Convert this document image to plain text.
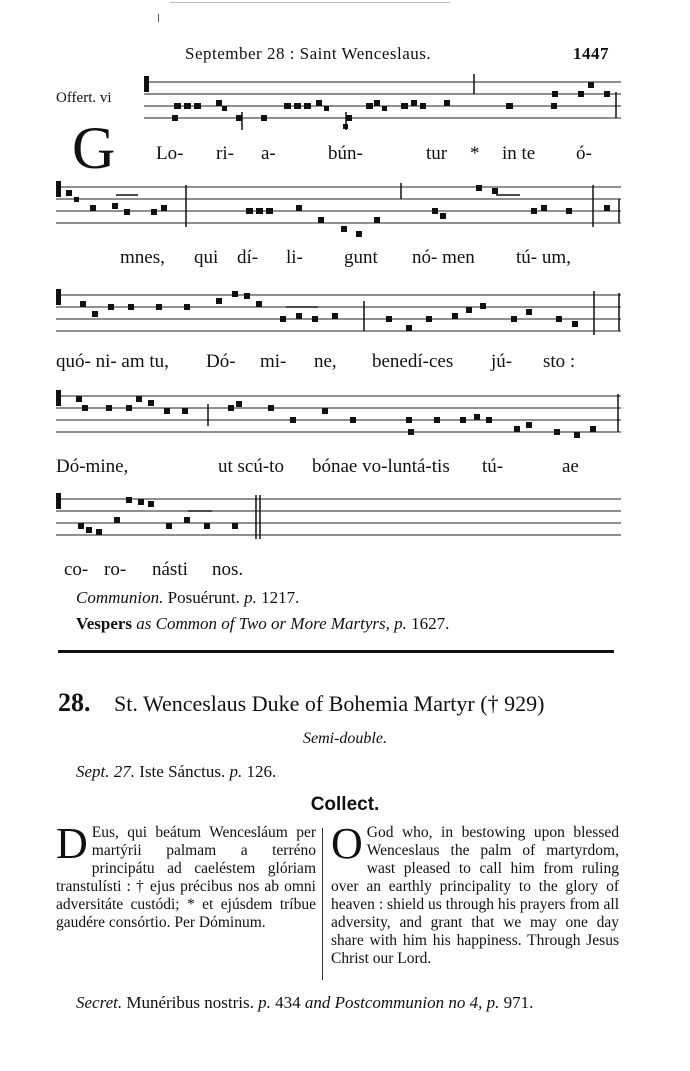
September 28 : Saint Wenceslaus.	1447
Offert. vi
G Lo- ri- a-	bún-	tur * in te ó-
mnes, qui dí- li- gunt nó- men tú- um,
quó- ni- am tu, Dó- mi- ne, benedí-ces jú- sto :
Dó-mine,	ut scú-to bónae vo-luntá-tis tú-	ae
co- ro- násti nos.
Communion. Posuérunt. p. 1217.
Vespers as Common of Two or More Martyrs, p. 1627.
28. St. Wenceslaus Duke of Bohemia Martyr († 929)
Semi-double.
Sept. 27. Iste Sánctus. p. 126.
Collect.
D Eus, qui beátum Wencesláum per martýrii palmam a terréno principátu ad caeléstem glóriam transtulísti : † ejus précibus nos ab omni adversitáte custódi; * et ejúsdem tríbue gaudére consórtio. Per Dóminum.
O God who, in bestowing upon blessed Wenceslaus the palm of martyrdom, wast pleased to call him from ruling over an earthly principality to the glory of heaven : shield us through his prayers from all adversity, and grant that we may one day share with him his happiness. Through Jesus Christ our Lord.
Secret. Munéribus nostris. p. 434 and Postcommunion no 4, p. 971.
